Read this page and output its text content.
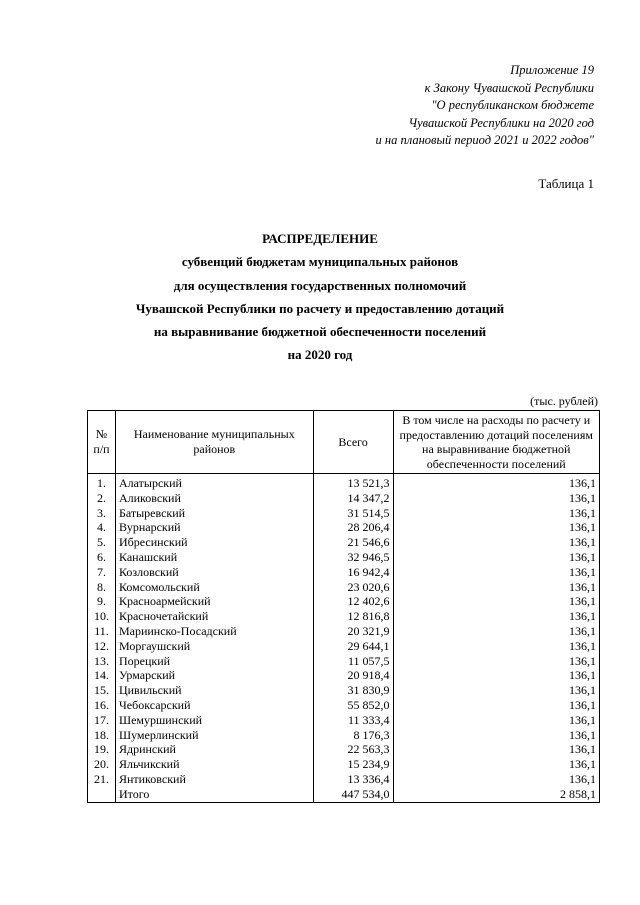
Приложение 19
к Закону Чувашской Республики
"О республиканском бюджете
Чувашской Республики на 2020 год
и на плановый период 2021 и 2022 годов"
Таблица 1
РАСПРЕДЕЛЕНИЕ
субвенций бюджетам муниципальных районов
для осуществления государственных полномочий
Чувашской Республики по расчету и предоставлению дотаций
на выравнивание бюджетной обеспеченности поселений
на 2020 год
(тыс. рублей)
№ п/п	Наименование муниципальных районов	Всего	В том числе на расходы по расчету и предоставлению дотаций поселениям на выравнивание бюджетной обеспеченности поселений
1.	Алатырский	13 521,3	136,1
2.	Аликовский	14 347,2	136,1
3.	Батыревский	31 514,5	136,1
4.	Вурнарский	28 206,4	136,1
5.	Ибресинский	21 546,6	136,1
6.	Канашский	32 946,5	136,1
7.	Козловский	16 942,4	136,1
8.	Комсомольский	23 020,6	136,1
9.	Красноармейский	12 402,6	136,1
10.	Красночетайский	12 816,8	136,1
11.	Мариинско-Посадский	20 321,9	136,1
12.	Моргаушский	29 644,1	136,1
13.	Порецкий	11 057,5	136,1
14.	Урмарский	20 918,4	136,1
15.	Цивильский	31 830,9	136,1
16.	Чебоксарский	55 852,0	136,1
17.	Шемуршинский	11 333,4	136,1
18.	Шумерлинский	8 176,3	136,1
19.	Ядринский	22 563,3	136,1
20.	Яльчикский	15 234,9	136,1
21.	Янтиковский	13 336,4	136,1
	Итого	447 534,0	2 858,1
